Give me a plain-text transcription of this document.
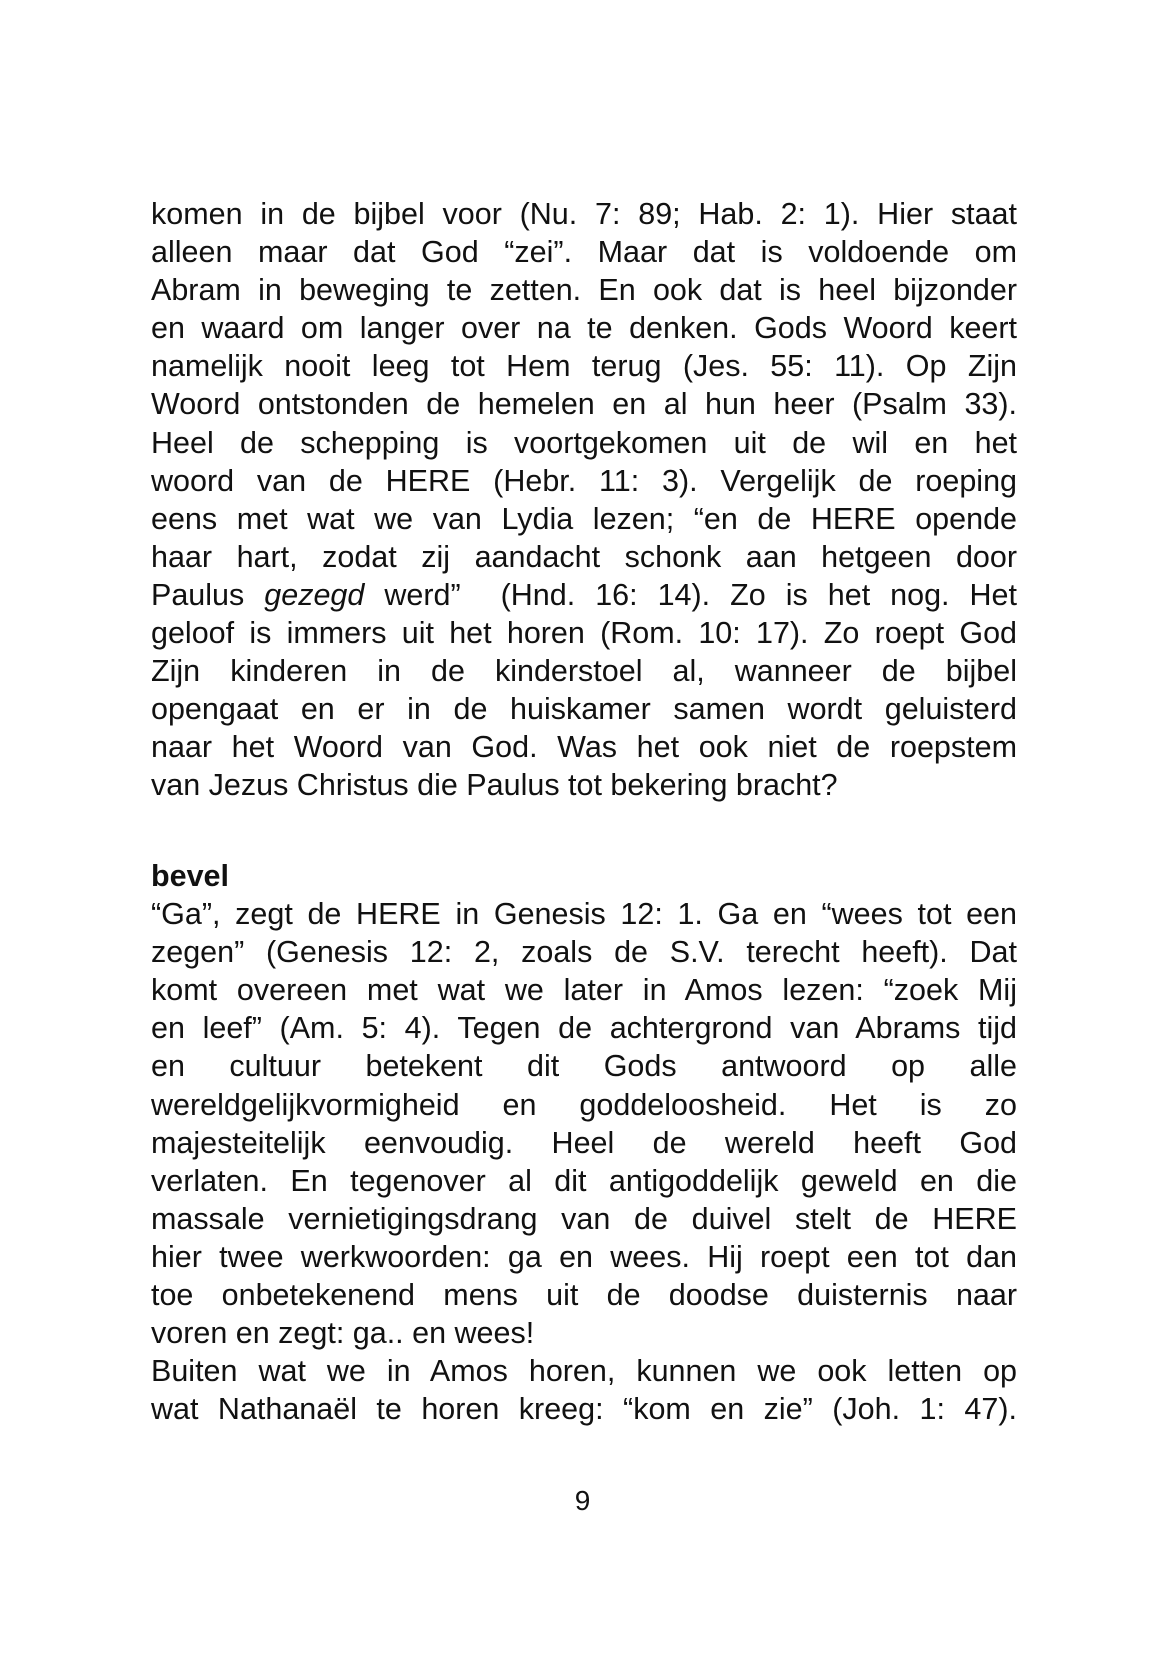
komen in de bijbel voor (Nu. 7: 89; Hab. 2: 1). Hier staat
alleen maar dat God “zei”. Maar dat is voldoende om
Abram in beweging te zetten. En ook dat is heel bijzonder
en waard om langer over na te denken. Gods Woord keert
namelijk nooit leeg tot Hem terug (Jes. 55: 11). Op Zijn
Woord ontstonden de hemelen en al hun heer (Psalm 33).
Heel de schepping is voortgekomen uit de wil en het
woord van de HERE (Hebr. 11: 3). Vergelijk de roeping
eens met wat we van Lydia lezen; “en de HERE opende
haar hart, zodat zij aandacht schonk aan hetgeen door
Paulus gezegd werd”  (Hnd. 16: 14). Zo is het nog. Het
geloof is immers uit het horen (Rom. 10: 17). Zo roept God
Zijn kinderen in de kinderstoel al, wanneer de bijbel
opengaat en er in de huiskamer samen wordt geluisterd
naar het Woord van God. Was het ook niet de roepstem
van Jezus Christus die Paulus tot bekering bracht?
bevel
“Ga”, zegt de HERE in Genesis 12: 1. Ga en “wees tot een
zegen” (Genesis 12: 2, zoals de S.V. terecht heeft). Dat
komt overeen met wat we later in Amos lezen: “zoek Mij
en leef” (Am. 5: 4). Tegen de achtergrond van Abrams tijd
en cultuur betekent dit Gods antwoord op alle
wereldgelijkvormigheid en goddeloosheid. Het is zo
majesteitelijk eenvoudig. Heel de wereld heeft God
verlaten. En tegenover al dit antigoddelijk geweld en die
massale vernietigingsdrang van de duivel stelt de HERE
hier twee werkwoorden: ga en wees. Hij roept een tot dan
toe onbetekenend mens uit de doodse duisternis naar
voren en zegt: ga.. en wees!
Buiten wat we in Amos horen, kunnen we ook letten op
wat Nathanaël te horen kreeg: “kom en zie” (Joh. 1: 47).
9
